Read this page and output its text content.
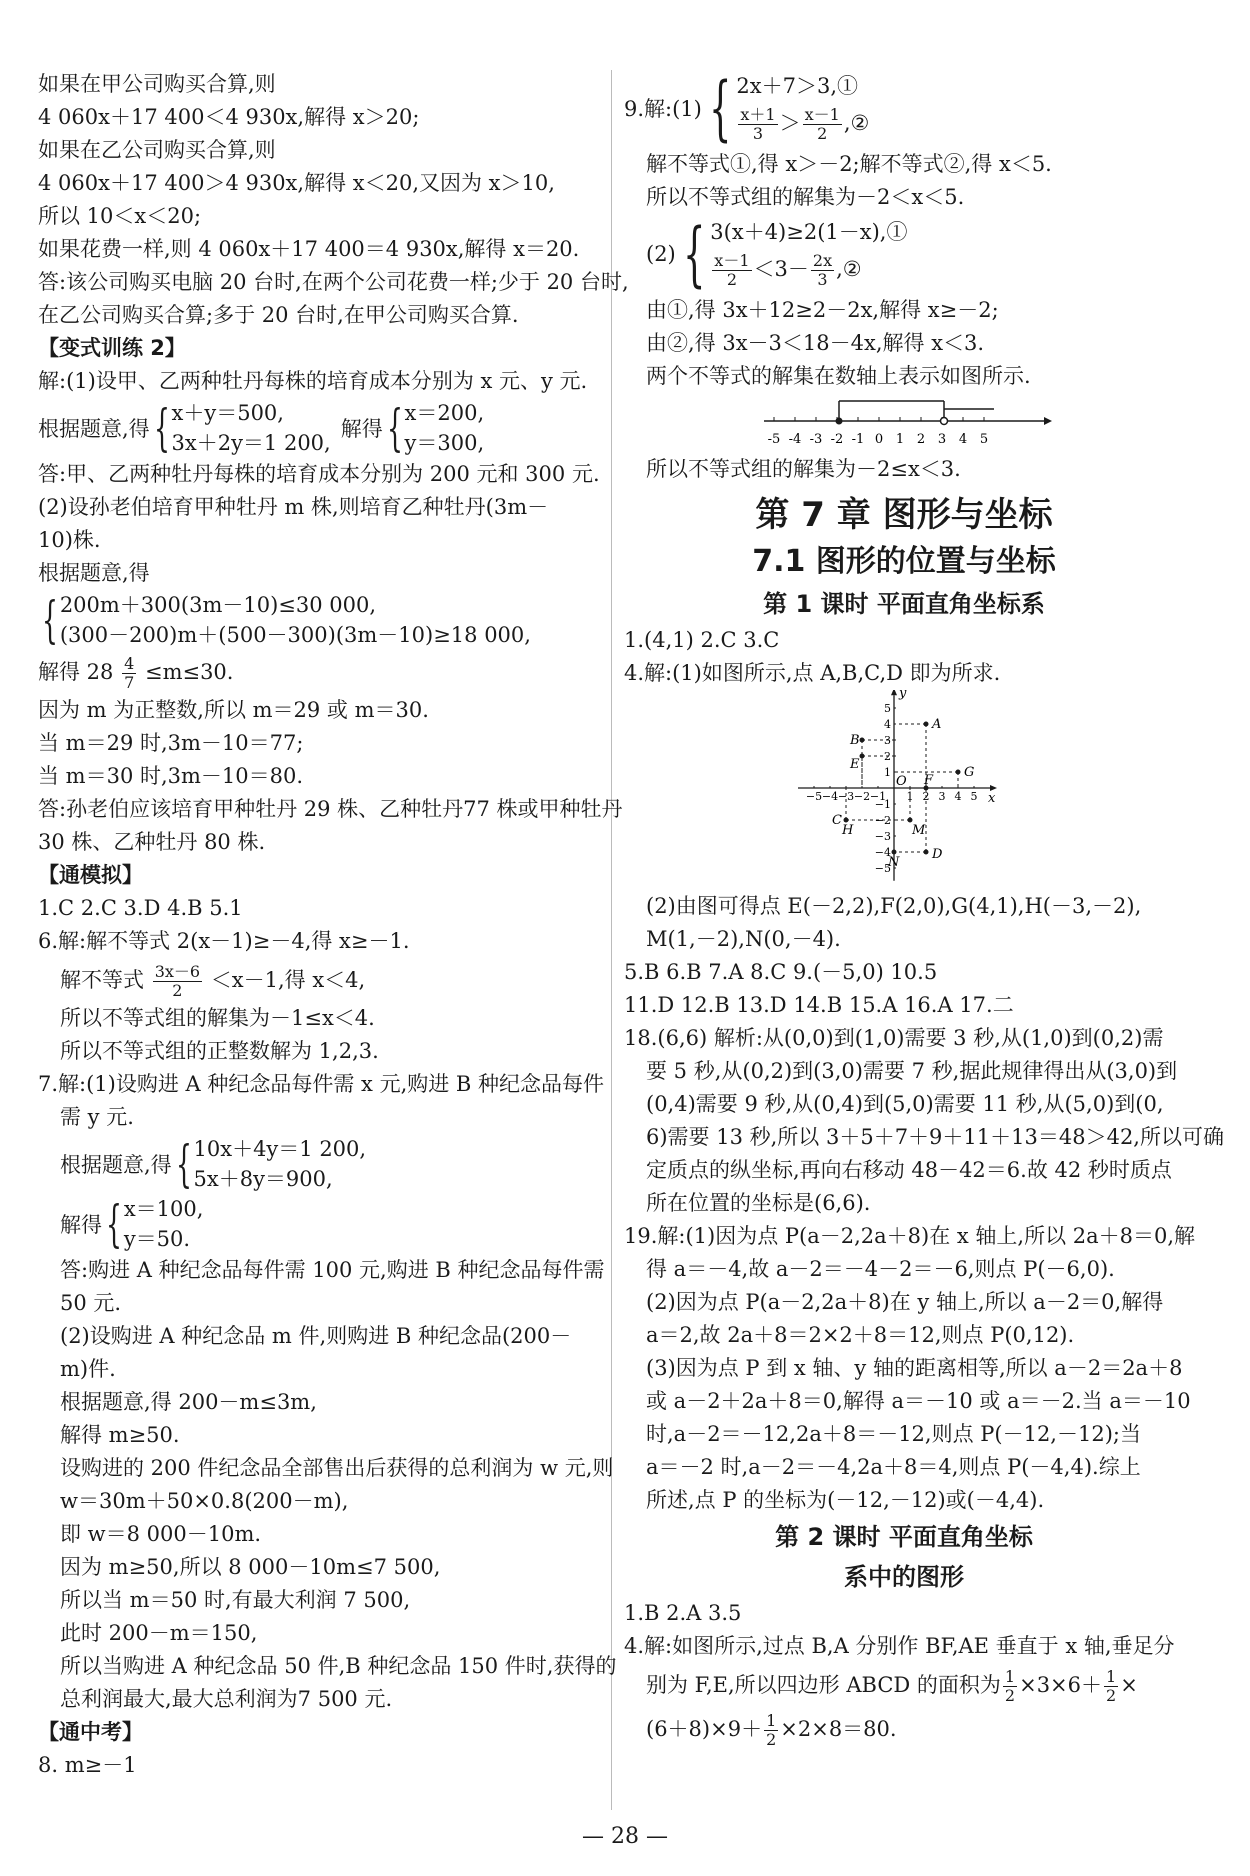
如果在甲公司购买合算,则
4 060x＋17 400＜4 930x,解得 x＞20;
如果在乙公司购买合算,则
4 060x＋17 400＞4 930x,解得 x＜20,又因为 x＞10,
所以 10＜x＜20;
如果花费一样,则 4 060x＋17 400＝4 930x,解得 x＝20.
答:该公司购买电脑 20 台时,在两个公司花费一样;少于 20 台时,
在乙公司购买合算;多于 20 台时,在甲公司购买合算.
【变式训练 2】
解:(1)设甲、乙两种牡丹每株的培育成本分别为 x 元、y 元.
根据题意,得 { x＋y＝500,
3x＋2y＝1 200,
解得 { x＝200,
y＝300,
答:甲、乙两种牡丹每株的培育成本分别为 200 元和 300 元.
(2)设孙老伯培育甲种牡丹 m 株,则培育乙种牡丹(3m－
10)株.
根据题意,得
{ 200m＋300(3m－10)≤30 000,
(300－200)m＋(500－300)(3m－10)≥18 000,
解得 $28 \frac{4}{7} \le m\le 30$.
因为 m 为正整数,所以 m＝29 或 m＝30.
当 m＝29 时,3m－10＝77;
当 m＝30 时,3m－10＝80.
答:孙老伯应该培育甲种牡丹 29 株、乙种牡丹77 株或甲种牡丹
30 株、乙种牡丹 80 株.
【通模拟】
1.C 2.C 3.D 4.B 5.1
6.解:解不等式 2(x－1)≥－4,得 x≥－1.
解不等式 $\frac{3x-6}{2} <x-1$,得 x＜4,
所以不等式组的解集为－1≤x＜4.
所以不等式组的正整数解为 1,2,3.
7.解:(1)设购进 A 种纪念品每件需 x 元,购进 B 种纪念品每件
需 y 元.
根据题意,得 { 10x＋4y＝1 200,
5x＋8y＝900,
解得 { x＝100,
y＝50.
答:购进 A 种纪念品每件需 100 元,购进 B 种纪念品每件需
50 元.
(2)设购进 A 种纪念品 m 件,则购进 B 种纪念品(200－
m)件.
根据题意,得 200－m≤3m,
解得 m≥50.
设购进的 200 件纪念品全部售出后获得的总利润为 w 元,则
w＝30m＋50×0.8(200－m),
即 w＝8 000－10m.
因为 m≥50,所以 8 000－10m≤7 500,
所以当 m＝50 时,有最大利润 7 500,
此时 200－m＝150,
所以当购进 A 种纪念品 50 件,B 种纪念品 150 件时,获得的
总利润最大,最大总利润为7 500 元.
【通中考】
8. m≥－1
9.解:(1) { 2x＋7＞3,①
$\frac{x+1}{3} > \frac{x-1}{2}$ ,②
解不等式①,得 x＞－2;解不等式②,得 x＜5.
所以不等式组的解集为－2＜x＜5.
(2) { 3(x＋4)≥2(1－x),①
$\frac{x-1}{2} <3- \frac{2x}{3}$ ,②
由①,得 3x＋12≥2－2x,解得 x≥－2;
由②,得 3x－3＜18－4x,解得 x＜3.
两个不等式的解集在数轴上表示如图所示.
-5 -4 -3 -2 -1 0 1 2 3 4 5
所以不等式组的解集为－2≤x＜3.
第 7 章 图形与坐标
7.1 图形的位置与坐标
第 1 课时 平面直角坐标系
1.(4,1) 2.C 3.C
4.解:(1)如图所示,点 A,B,C,D 即为所求.
−5
−5
−4
−4
−3
−3
−2
−2
−1
−1
1
1
2
2
3
3
4
4
5
5
x
y
O
A
B
E
C
H
D
F
G
M
N
(2)由图可得点 E(－2,2),F(2,0),G(4,1),H(－3,－2),
M(1,－2),N(0,－4).
5.B 6.B 7.A 8.C 9.(－5,0) 10.5
11.D 12.B 13.D 14.B 15.A 16.A 17.二
18.(6,6) 解析:从(0,0)到(1,0)需要 3 秒,从(1,0)到(0,2)需
要 5 秒,从(0,2)到(3,0)需要 7 秒,据此规律得出从(3,0)到
(0,4)需要 9 秒,从(0,4)到(5,0)需要 11 秒,从(5,0)到(0,
6)需要 13 秒,所以 3＋5＋7＋9＋11＋13＝48＞42,所以可确
定质点的纵坐标,再向右移动 48－42＝6.故 42 秒时质点
所在位置的坐标是(6,6).
19.解:(1)因为点 P(a－2,2a＋8)在 x 轴上,所以 2a＋8＝0,解
得 a＝－4,故 a－2＝－4－2＝－6,则点 P(－6,0).
(2)因为点 P(a－2,2a＋8)在 y 轴上,所以 a－2＝0,解得
a＝2,故 2a＋8＝2×2＋8＝12,则点 P(0,12).
(3)因为点 P 到 x 轴、y 轴的距离相等,所以 a－2＝2a＋8
或 a－2＋2a＋8＝0,解得 a＝－10 或 a＝－2.当 a＝－10
时,a－2＝－12,2a＋8＝－12,则点 P(－12,－12);当
a＝－2 时,a－2＝－4,2a＋8＝4,则点 P(－4,4).综上
所述,点 P 的坐标为(－12,－12)或(－4,4).
第 2 课时 平面直角坐标
系中的图形
1.B 2.A 3.5
4.解:如图所示,过点 B,A 分别作 BF,AE 垂直于 x 轴,垂足分
别为 F,E,所以四边形 ABCD 的面积为 $\frac{1}{2} \times 3\times 6+ \frac{1}{2}$ ×
$(6+8)\times 9+ \frac{1}{2} \times 2\times 8=80$.
— 28 —
